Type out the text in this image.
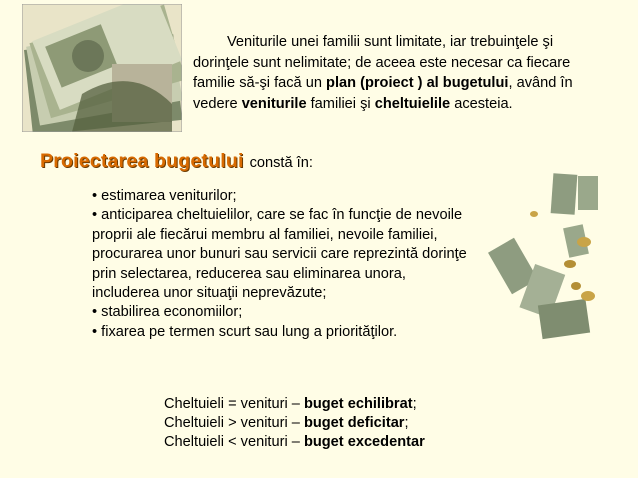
Veniturile unei familii sunt limitate, iar trebuinţele şi
dorinţele sunt nelimitate; de aceea este necesar ca fiecare familie să-şi facă un plan (proiect ) al bugetului, având în vedere veniturile familiei şi cheltuielile acesteia.
Proiectarea bugetului constă în:
• estimarea veniturilor;
• anticiparea cheltuielilor, care se fac în funcţie de nevoile proprii ale fiecărui membru al familiei, nevoile familiei, procurarea unor bunuri sau servicii care reprezintă dorinţe prin selectarea, reducerea sau eliminarea unora, includerea unor situaţii neprevăzute;
• stabilirea economiilor;
• fixarea pe termen scurt sau lung a priorităţilor.
Cheltuieli = venituri – buget echilibrat;
Cheltuieli > venituri – buget deficitar;
Cheltuieli < venituri – buget excedentar
